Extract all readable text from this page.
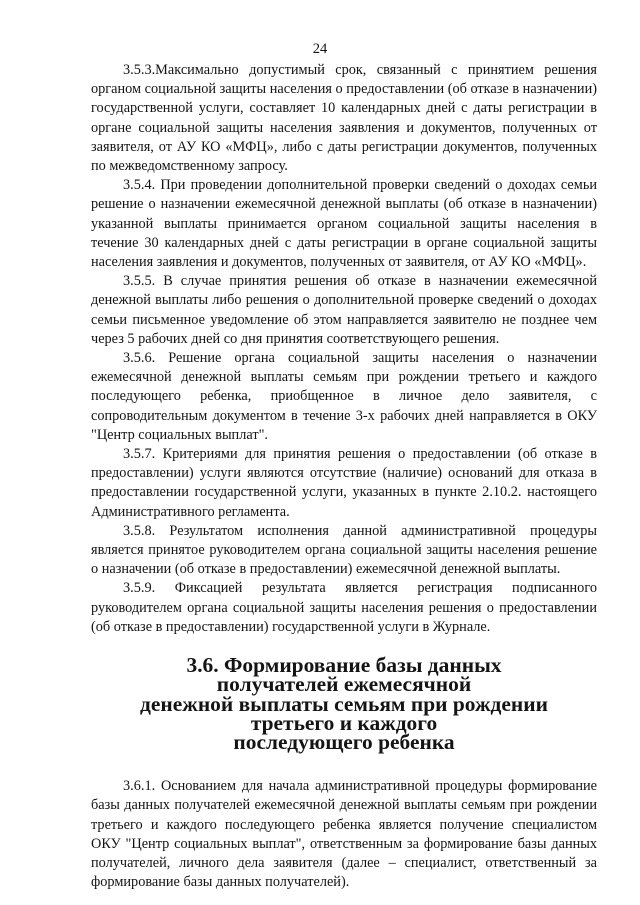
24

3.5.3.Максимально допустимый срок, связанный с принятием решения органом социальной защиты населения о предоставлении (об отказе в назначении) государственной услуги, составляет 10 календарных дней с даты регистрации в органе социальной защиты населения заявления и документов, полученных от заявителя, от АУ КО «МФЦ», либо с даты регистрации документов, полученных по межведомственному запросу.

3.5.4. При проведении дополнительной проверки сведений о доходах семьи решение о назначении ежемесячной денежной выплаты (об отказе в назначении) указанной выплаты принимается органом социальной защиты населения в течение 30 календарных дней с даты регистрации в органе социальной защиты населения заявления и документов, полученных от заявителя, от АУ КО «МФЦ».

3.5.5. В случае принятия решения об отказе в назначении ежемесячной денежной выплаты либо решения о дополнительной проверке сведений о доходах семьи письменное уведомление об этом направляется заявителю не позднее чем через 5 рабочих дней со дня принятия соответствующего решения.

3.5.6. Решение органа социальной защиты населения о назначении ежемесячной денежной выплаты семьям при рождении третьего и каждого последующего ребенка, приобщенное в личное дело заявителя, с сопроводительным документом в течение 3-х рабочих дней направляется в ОКУ "Центр социальных выплат".

3.5.7. Критериями для принятия решения о предоставлении (об отказе в предоставлении) услуги являются отсутствие (наличие) оснований для отказа в предоставлении государственной услуги, указанных в пункте 2.10.2. настоящего Административного регламента.

3.5.8. Результатом исполнения данной административной процедуры является принятое руководителем органа социальной защиты населения решение о назначении (об отказе в предоставлении) ежемесячной денежной выплаты.

3.5.9. Фиксацией результата является регистрация подписанного руководителем органа социальной защиты населения решения о предоставлении (об отказе в предоставлении) государственной услуги в Журнале.

3.6. Формирование базы данных получателей ежемесячной
денежной выплаты семьям при рождении третьего и каждого
последующего ребенка

3.6.1. Основанием для начала административной процедуры формирование базы данных получателей ежемесячной денежной выплаты семьям при рождении третьего и каждого последующего ребенка является получение специалистом ОКУ "Центр социальных выплат", ответственным за формирование базы данных получателей, личного дела заявителя (далее – специалист, ответственный за формирование базы данных получателей).
